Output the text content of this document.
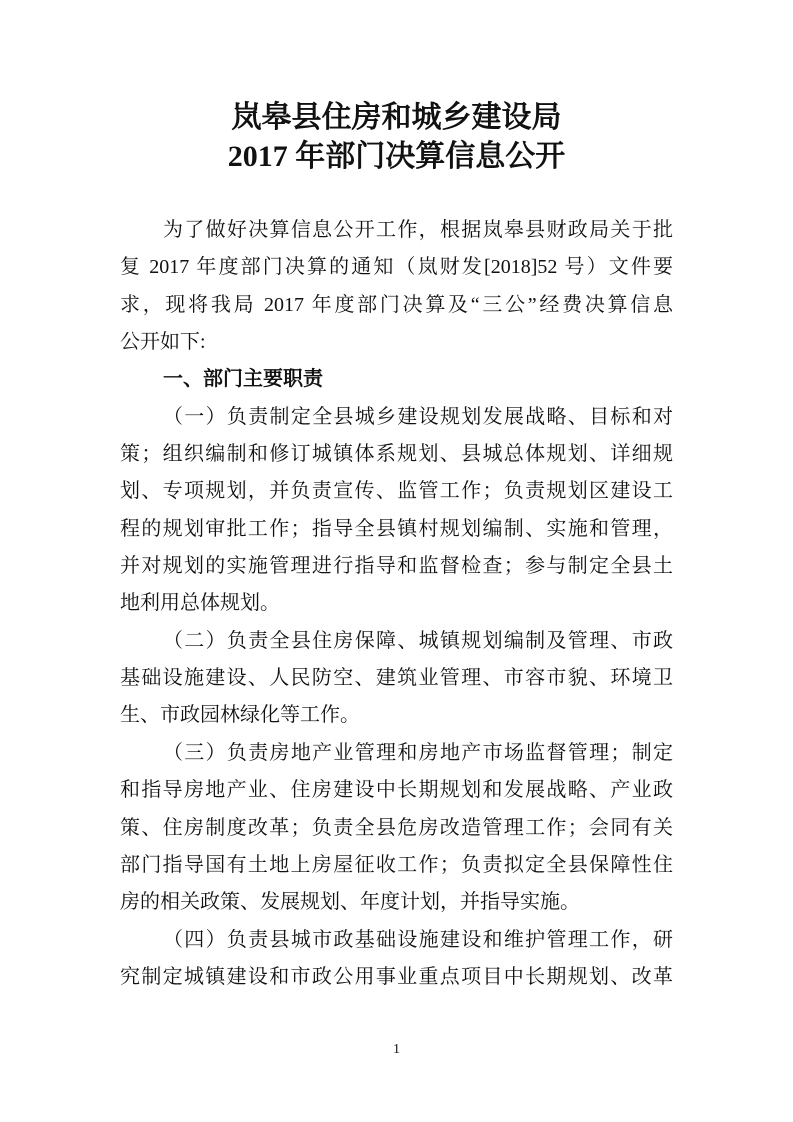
岚皋县住房和城乡建设局
2017 年部门决算信息公开
为了做好决算信息公开工作，根据岚皋县财政局关于批
复 2017 年度部门决算的通知（岚财发[2018]52 号）文件要
求，现将我局 2017 年度部门决算及“三公”经费决算信息
公开如下:
一、部门主要职责
（一）负责制定全县城乡建设规划发展战略、目标和对
策；组织编制和修订城镇体系规划、县城总体规划、详细规
划、专项规划，并负责宣传、监管工作；负责规划区建设工
程的规划审批工作；指导全县镇村规划编制、实施和管理，
并对规划的实施管理进行指导和监督检查；参与制定全县土
地利用总体规划。
（二）负责全县住房保障、城镇规划编制及管理、市政
基础设施建设、人民防空、建筑业管理、市容市貌、环境卫
生、市政园林绿化等工作。
（三）负责房地产业管理和房地产市场监督管理；制定
和指导房地产业、住房建设中长期规划和发展战略、产业政
策、住房制度改革；负责全县危房改造管理工作；会同有关
部门指导国有土地上房屋征收工作；负责拟定全县保障性住
房的相关政策、发展规划、年度计划，并指导实施。
（四）负责县城市政基础设施建设和维护管理工作，研
究制定城镇建设和市政公用事业重点项目中长期规划、改革
1
